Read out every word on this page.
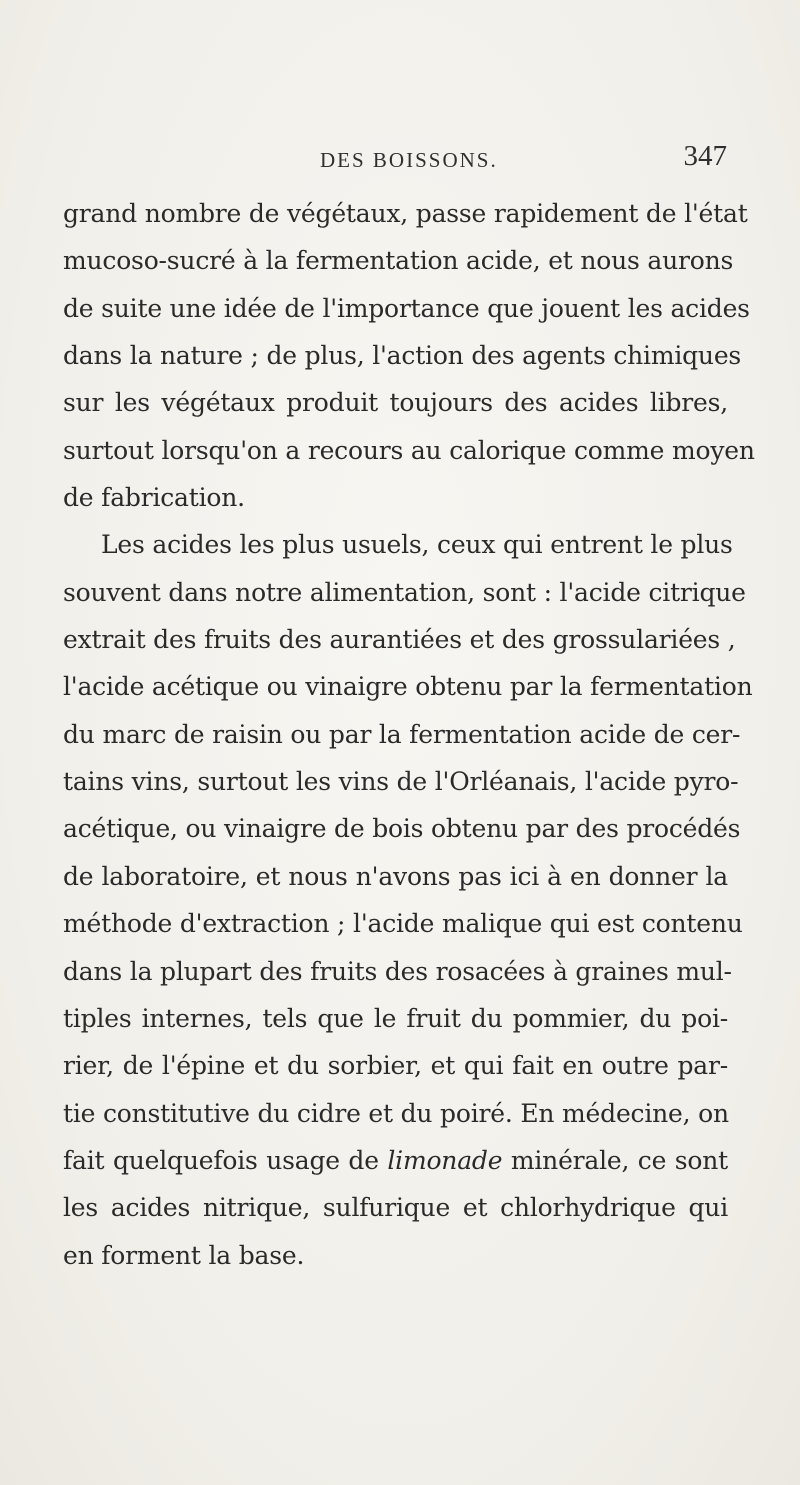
DES BOISSONS.	347
grand nombre de végétaux, passe rapidement de l'état
mucoso-sucré à la fermentation acide, et nous aurons
de suite une idée de l'importance que jouent les acides
dans la nature ; de plus, l'action des agents chimiques
sur les végétaux produit toujours des acides libres,
surtout lorsqu'on a recours au calorique comme moyen
de fabrication.
Les acides les plus usuels, ceux qui entrent le plus
souvent dans notre alimentation, sont : l'acide citrique
extrait des fruits des aurantiées et des grossulariées ,
l'acide acétique ou vinaigre obtenu par la fermentation
du marc de raisin ou par la fermentation acide de cer-
tains vins, surtout les vins de l'Orléanais, l'acide pyro-
acétique, ou vinaigre de bois obtenu par des procédés
de laboratoire, et nous n'avons pas ici à en donner la
méthode d'extraction ; l'acide malique qui est contenu
dans la plupart des fruits des rosacées à graines mul-
tiples internes, tels que le fruit du pommier, du poi-
rier, de l'épine et du sorbier, et qui fait en outre par-
tie constitutive du cidre et du poiré. En médecine, on
fait quelquefois usage de limonade minérale, ce sont
les acides nitrique, sulfurique et chlorhydrique qui
en forment la base.
